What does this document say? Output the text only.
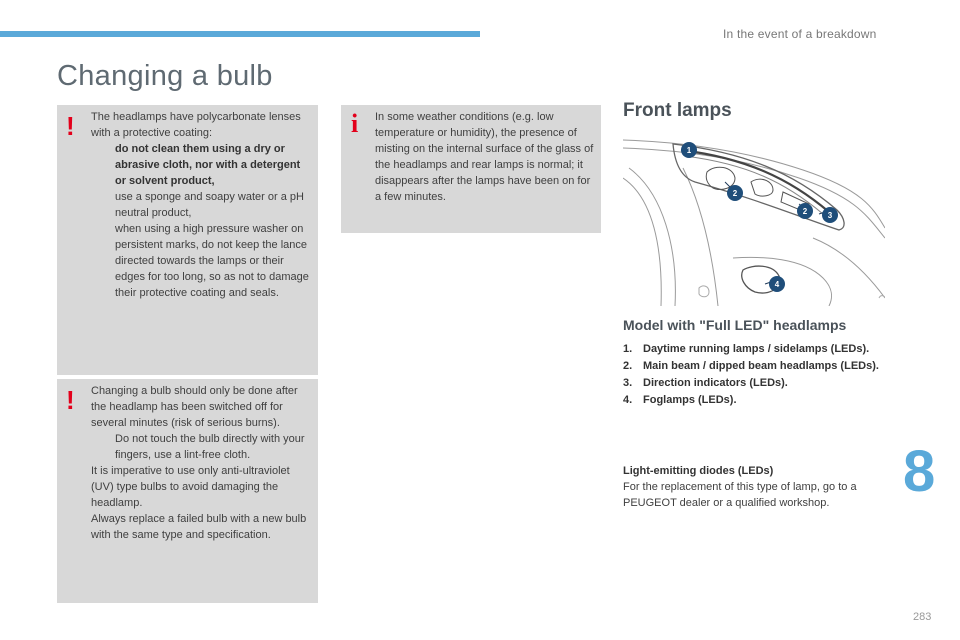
In the event of a breakdown
Changing a bulb
! The headlamps have polycarbonate lenses with a protective coating:

do not clean them using a dry or abrasive cloth, nor with a detergent or solvent product,

use a sponge and soapy water or a pH neutral product,

when using a high pressure washer on persistent marks, do not keep the lance directed towards the lamps or their edges for too long, so as not to damage their protective coating and seals.

! Changing a bulb should only be done after the headlamp has been switched off for several minutes (risk of serious burns).

Do not touch the bulb directly with your fingers, use a lint-free cloth.

It is imperative to use only anti-ultraviolet (UV) type bulbs to avoid damaging the headlamp.

Always replace a failed bulb with a new bulb with the same type and specification.

i In some weather conditions (e.g. low temperature or humidity), the presence of misting on the internal surface of the glass of the headlamps and rear lamps is normal; it disappears after the lamps have been on for a few minutes.

Front lamps
1
2
2	3
4
Model with "Full LED" headlamps
1. Daytime running lamps / sidelamps (LEDs).
2. Main beam / dipped beam headlamps (LEDs).
3. Direction indicators (LEDs).
4. Foglamps (LEDs).
Light-emitting diodes (LEDs)
For the replacement of this type of lamp, go to a PEUGEOT dealer or a qualified workshop.	8
283
